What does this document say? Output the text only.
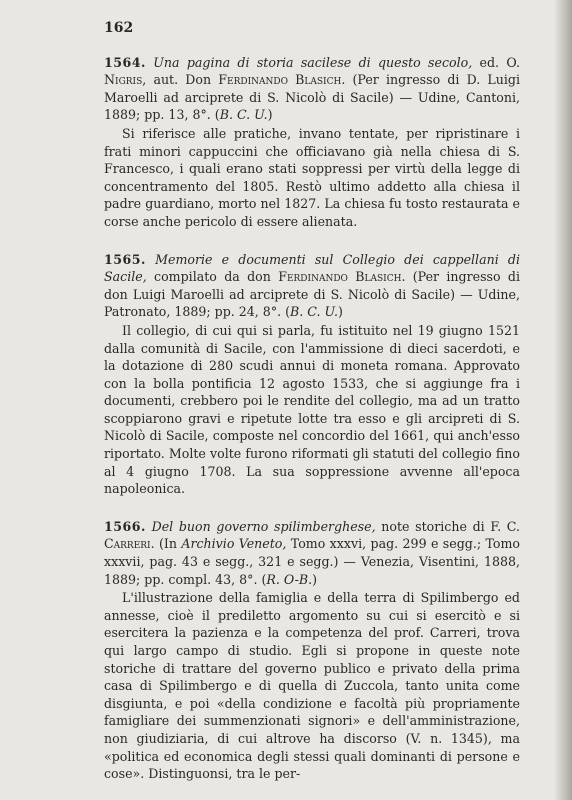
162
1564. Una pagina di storia sacilese di questo secolo, ed. O. Nigris, aut. Don Ferdinando Blasich. (Per ingresso di D. Luigi Maroelli ad arciprete di S. Nicolò di Sacile) — Udine, Cantoni, 1889; pp. 13, 8°. (B. C. U.)
Si riferisce alle pratiche, invano tentate, per ripristinare i frati minori cappuccini che officiavano già nella chiesa di S. Francesco, i quali erano stati soppressi per virtù della legge di concentramento del 1805. Restò ultimo addetto alla chiesa il padre guardiano, morto nel 1827. La chiesa fu tosto restaurata e corse anche pericolo di essere alienata.
1565. Memorie e documenti sul Collegio dei cappellani di Sacile, compilato da don Ferdinando Blasich. (Per ingresso di don Luigi Maroelli ad arciprete di S. Nicolò di Sacile) — Udine, Patronato, 1889; pp. 24, 8°. (B. C. U.)
Il collegio, di cui qui si parla, fu istituito nel 19 giugno 1521 dalla comunità di Sacile, con l'ammissione di dieci sacerdoti, e la dotazione di 280 scudi annui di moneta romana. Approvato con la bolla pontificia 12 agosto 1533, che si aggiunge fra i documenti, crebbero poi le rendite del collegio, ma ad un tratto scoppiarono gravi e ripetute lotte tra esso e gli arcipreti di S. Nicolò di Sacile, composte nel concordio del 1661, qui anch'esso riportato. Molte volte furono riformati gli statuti del collegio fino al 4 giugno 1708. La sua soppressione avvenne all'epoca napoleonica.
1566. Del buon governo spilimberghese, note storiche di F. C. Carreri. (In Archivio Veneto, Tomo xxxvi, pag. 299 e segg.; Tomo xxxvii, pag. 43 e segg., 321 e segg.) — Venezia, Visentini, 1888, 1889; pp. compl. 43, 8°. (R. O-B.)
L'illustrazione della famiglia e della terra di Spilimbergo ed annesse, cioè il prediletto argomento su cui si esercitò e si esercitera la pazienza e la competenza del prof. Carreri, trova qui largo campo di studio. Egli si propone in queste note storiche di trattare del governo publico e privato della prima casa di Spilimbergo e di quella di Zuccola, tanto unita come disgiunta, e poi «della condizione e facoltà più propriamente famigliare dei summenzionati signori» e dell'amministrazione, non giudiziaria, di cui altrove ha discorso (V. n. 1345), ma «politica ed economica degli stessi quali dominanti di persone e cose». Distinguonsi, tra le per-
